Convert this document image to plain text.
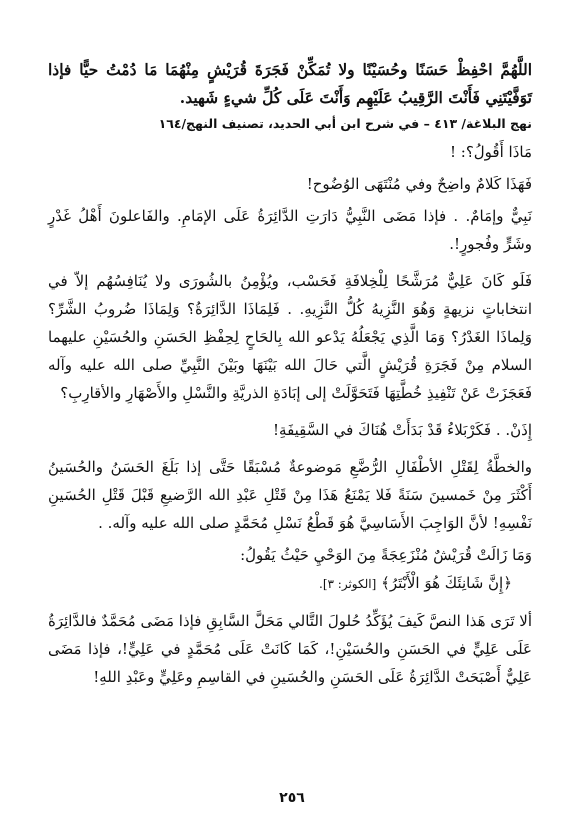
اللَّهُمَّ احْفِظْ حَسَنًا وحُسَيْنًا ولا تُمَكِّنْ فَجَرَةَ قُرَيْشٍ مِنْهُمَا مَا دُمْتُ حيًّا فإذا تَوَفَّيْتَنِي فَأَنْتَ الرَّقِيبُ عَلَيْهِم وَأَنْتَ عَلَى كُلِّ شيءٍ شَهيد.

نهج البلاغة/ ٤١٣ – في شرح ابن أبي الحديد، تصنيف النهج/١٦٤

مَاذَا أَقُولُ؟: !

فَهَذَا كَلامٌ واضِحٌ وفي مُنْتَهَى الوُضُوح!

نَبِيٌّ وإمَامٌ. . فإذا مَضَى النَّبِيُّ دَارَتِ الدَّائِرَةُ عَلَى الإمَامِ. والفَاعلونَ أَهْلُ غَدْرٍ وشَرٍّ وفُجورٍ!.

فَلَو كَانَ عَلِيٌّ مُرَشَّحًا لِلْخِلافَةِ فَحَسْب، ويُؤْمِنُ بالشُورَى ولا يُنَافِسُهُم إلاّ في انتخاباتٍ نزيهةٍ وَهُوَ النَّزِيهُ كُلُّ النَّزِيهِ. . فَلِمَاذَا الدَّائِرَةُ؟ وَلِمَاذَا ضُروبُ الشَّرِّ؟ وَلِماذَا الغَدْرُ؟ وَمَا الَّذِي يَجْعَلُهُ يَدْعو الله بِالحَاحٍ لِحِفْظِ الحَسَنِ والحُسَيْنِ عليهما السلام مِنْ فَجَرَةِ قُرَيْشٍ الَّتي حَالَ الله بَيْنَهَا وبَيْنَ النَّبِيِّ صلى الله عليه وآله فَعَجَزَتْ عَنْ تَنْفِيذِ خُطَّتِهَا فَتَحَوَّلَتْ إلى إبَادَةِ الذريَّةِ والنَّسْلِ والأَصْهَارِ والأقارِبِ؟

إِذَنْ. . فَكَرْبَلاءُ قَدْ بَدَأَتْ هُنَاكَ في السَّقِيفَةِ!

والخطَّةُ لِقَتْلِ الأطْفَالِ الرُّضَّعِ مَوضوعةٌ مُسْبَقًا حَتَّى إذا بَلَغَ الحَسَنُ والحُسَينُ أَكْثَرَ مِنْ خَمسينَ سَنَةً فَلا يَمْنَعُ هَذَا مِنْ قَتْلِ عَبْدِ الله الرَّضيعِ قَبْلَ قَتْلِ الحُسَينِ نَفْسِهِ! لأنَّ الوَاجِبَ الأَسَاسِيَّ هُوَ قَطْعُ نَسْلِ مُحَمَّدٍ صلى الله عليه وآله. .

وَمَا زَالَتْ قُرَيْشٌ مُنْزَعِجَةً مِنَ الوَحْيِ حَيْثُ يَقُولُ:

﴿إِنَّ شَانِئَكَ هُوَ الْأَبْتَرُ﴾ [الكوثر: ٣].

ألا تَرَى هَذا النصَّ كَيفَ يُؤَكِّدُ حُلولَ التَّالي مَحَلَّ السَّابِقِ فإذا مَضَى مُحَمَّدٌ فالدَّائِرَةُ عَلَى عَلِيٍّ في الحَسَنِ والحُسَيْنِ!، كَمَا كَانَتْ عَلَى مُحَمَّدٍ في عَلِيٍّ!، فإذا مَضَى عَلِيٌّ أَصْبَحَتْ الدَّائِرَةُ عَلَى الحَسَنِ والحُسَينِ في القاسِمِ وعَلِيٍّ وعَبْدِ اللهِ!

٢٥٦
